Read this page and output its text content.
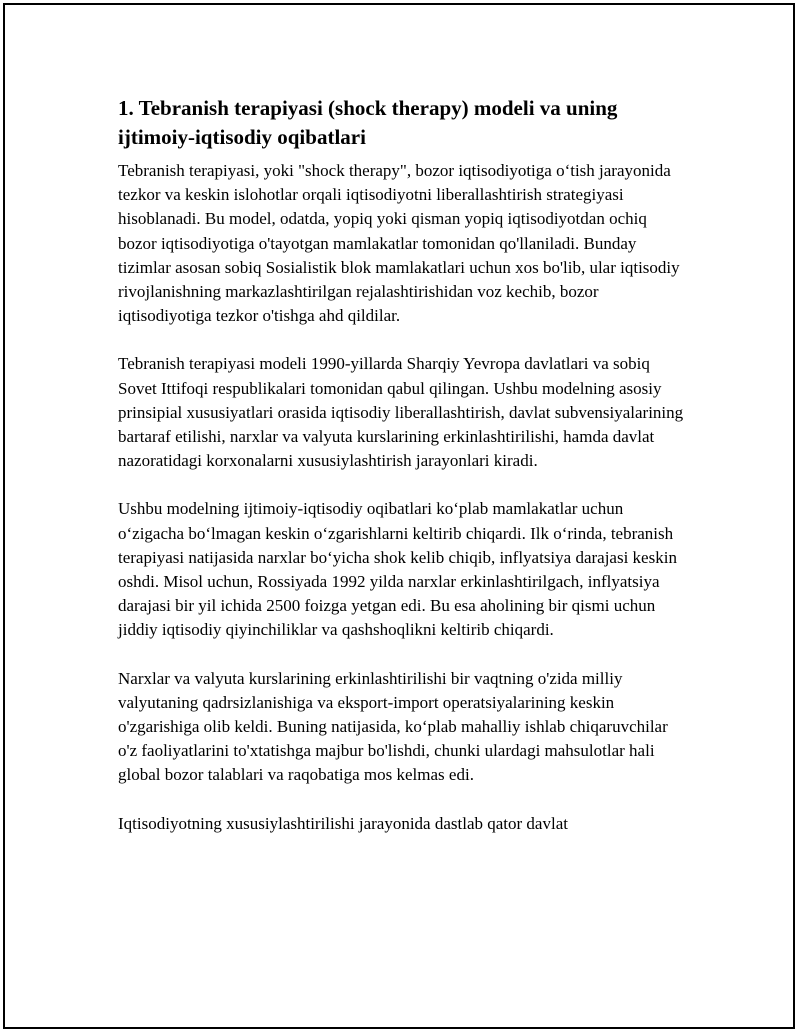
1. Tebranish terapiyasi (shock therapy) modeli va uning ijtimoiy-iqtisodiy oqibatlari

Tebranish terapiyasi, yoki "shock therapy", bozor iqtisodiyotiga o‘tish jarayonida tezkor va keskin islohotlar orqali iqtisodiyotni liberallashtirish strategiyasi hisoblanadi. Bu model, odatda, yopiq yoki qisman yopiq iqtisodiyotdan ochiq bozor iqtisodiyotiga o'tayotgan mamlakatlar tomonidan qo'llaniladi. Bunday tizimlar asosan sobiq Sosialistik blok mamlakatlari uchun xos bo'lib, ular iqtisodiy rivojlanishning markazlashtirilgan rejalashtirishidan voz kechib, bozor iqtisodiyotiga tezkor o'tishga ahd qildilar.

Tebranish terapiyasi modeli 1990-yillarda Sharqiy Yevropa davlatlari va sobiq Sovet Ittifoqi respublikalari tomonidan qabul qilingan. Ushbu modelning asosiy prinsipial xususiyatlari orasida iqtisodiy liberallashtirish, davlat subvensiyalarining bartaraf etilishi, narxlar va valyuta kurslarining erkinlashtirilishi, hamda davlat nazoratidagi korxonalarni xususiylashtirish jarayonlari kiradi.

Ushbu modelning ijtimoiy-iqtisodiy oqibatlari ko‘plab mamlakatlar uchun o‘zigacha bo‘lmagan keskin o‘zgarishlarni keltirib chiqardi. Ilk o‘rinda, tebranish terapiyasi natijasida narxlar bo‘yicha shok kelib chiqib, inflyatsiya darajasi keskin oshdi. Misol uchun, Rossiyada 1992 yilda narxlar erkinlashtirilgach, inflyatsiya darajasi bir yil ichida 2500 foizga yetgan edi. Bu esa aholining bir qismi uchun jiddiy iqtisodiy qiyinchiliklar va qashshoqlikni keltirib chiqardi.

Narxlar va valyuta kurslarining erkinlashtirilishi bir vaqtning o'zida milliy valyutaning qadrsizlanishiga va eksport-import operatsiyalarining keskin o'zgarishiga olib keldi. Buning natijasida, ko‘plab mahalliy ishlab chiqaruvchilar o'z faoliyatlarini to'xtatishga majbur bo'lishdi, chunki ulardagi mahsulotlar hali global bozor talablari va raqobatiga mos kelmas edi.

Iqtisodiyotning xususiylashtirilishi jarayonida dastlab qator davlat
